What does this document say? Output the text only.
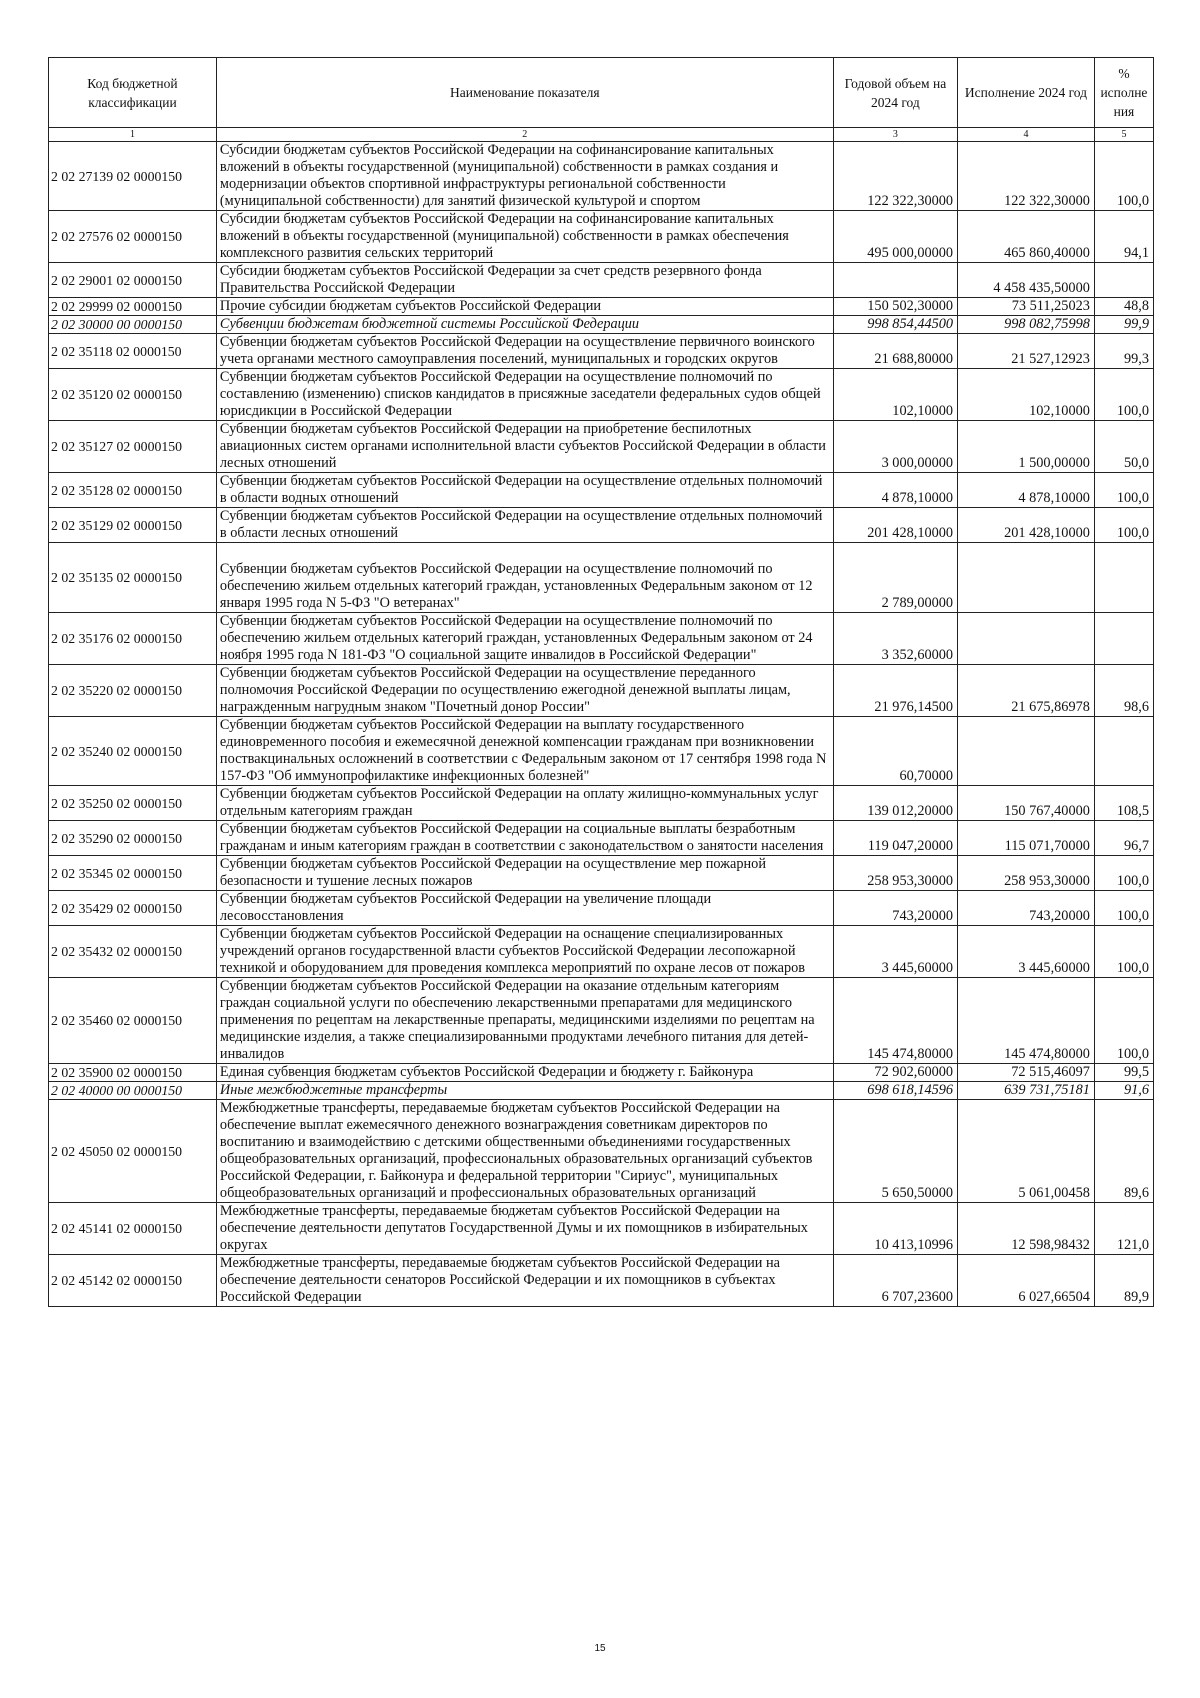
Код бюджетной классификации	Наименование показателя	Годовой объем на 2024 год	Исполнение 2024 год	% исполне ния
1	2	3	4	5
2 02 27139 02 0000150	Субсидии бюджетам субъектов Российской Федерации на софинансирование капитальных вложений в объекты государственной (муниципальной) собственности в рамках создания и модернизации объектов спортивной инфраструктуры региональной собственности (муниципальной собственности) для занятий физической культурой и спортом	122 322,30000	122 322,30000	100,0
2 02 27576 02 0000150	Субсидии бюджетам субъектов Российской Федерации на софинансирование капитальных вложений в объекты государственной (муниципальной) собственности в рамках обеспечения комплексного развития сельских территорий	495 000,00000	465 860,40000	94,1
2 02 29001 02 0000150	Субсидии бюджетам субъектов Российской Федерации за счет средств резервного фонда Правительства Российской Федерации		4 458 435,50000	
2 02 29999 02 0000150	Прочие субсидии бюджетам субъектов Российской Федерации	150 502,30000	73 511,25023	48,8
2 02 30000 00 0000150	Субвенции бюджетам бюджетной системы Российской Федерации	998 854,44500	998 082,75998	99,9
2 02 35118 02 0000150	Субвенции бюджетам субъектов Российской Федерации на осуществление первичного воинского учета органами местного самоуправления поселений, муниципальных и городских округов	21 688,80000	21 527,12923	99,3
2 02 35120 02 0000150	Субвенции бюджетам субъектов Российской Федерации на осуществление полномочий по составлению (изменению) списков кандидатов в присяжные заседатели федеральных судов общей юрисдикции в Российской Федерации	102,10000	102,10000	100,0
2 02 35127 02 0000150	Субвенции бюджетам субъектов Российской Федерации на приобретение беспилотных авиационных систем органами исполнительной власти субъектов Российской Федерации в области лесных отношений	3 000,00000	1 500,00000	50,0
2 02 35128 02 0000150	Субвенции бюджетам субъектов Российской Федерации на осуществление отдельных полномочий в области водных отношений	4 878,10000	4 878,10000	100,0
2 02 35129 02 0000150	Субвенции бюджетам субъектов Российской Федерации на осуществление отдельных полномочий в области лесных отношений	201 428,10000	201 428,10000	100,0
2 02 35135 02 0000150	Субвенции бюджетам субъектов Российской Федерации на осуществление полномочий по обеспечению жильем отдельных категорий граждан, установленных Федеральным законом от 12 января 1995 года N 5-ФЗ "О ветеранах"	2 789,00000		
2 02 35176 02 0000150	Субвенции бюджетам субъектов Российской Федерации на осуществление полномочий по обеспечению жильем отдельных категорий граждан, установленных Федеральным законом от 24 ноября 1995 года N 181-ФЗ "О социальной защите инвалидов в Российской Федерации"	3 352,60000		
2 02 35220 02 0000150	Субвенции бюджетам субъектов Российской Федерации на осуществление переданного полномочия Российской Федерации по осуществлению ежегодной денежной выплаты лицам, награжденным нагрудным знаком "Почетный донор России"	21 976,14500	21 675,86978	98,6
2 02 35240 02 0000150	Субвенции бюджетам субъектов Российской Федерации на выплату государственного единовременного пособия и ежемесячной денежной компенсации гражданам при возникновении поствакцинальных осложнений в соответствии с Федеральным законом от 17 сентября 1998 года N 157-ФЗ "Об иммунопрофилактике инфекционных болезней"	60,70000		
2 02 35250 02 0000150	Субвенции бюджетам субъектов Российской Федерации на оплату жилищно-коммунальных услуг отдельным категориям граждан	139 012,20000	150 767,40000	108,5
2 02 35290 02 0000150	Субвенции бюджетам субъектов Российской Федерации на социальные выплаты безработным гражданам и иным категориям граждан в соответствии с законодательством о занятости населения	119 047,20000	115 071,70000	96,7
2 02 35345 02 0000150	Субвенции бюджетам субъектов Российской Федерации на осуществление мер пожарной безопасности и тушение лесных пожаров	258 953,30000	258 953,30000	100,0
2 02 35429 02 0000150	Субвенции бюджетам субъектов Российской Федерации на увеличение площади лесовосстановления	743,20000	743,20000	100,0
2 02 35432 02 0000150	Субвенции бюджетам субъектов Российской Федерации на оснащение специализированных учреждений органов государственной власти субъектов Российской Федерации лесопожарной техникой и оборудованием для проведения комплекса мероприятий по охране лесов от пожаров	3 445,60000	3 445,60000	100,0
2 02 35460 02 0000150	Субвенции бюджетам субъектов Российской Федерации на оказание отдельным категориям граждан социальной услуги по обеспечению лекарственными препаратами для медицинского применения по рецептам на лекарственные препараты, медицинскими изделиями по рецептам на медицинские изделия, а также специализированными продуктами лечебного питания для детей-инвалидов	145 474,80000	145 474,80000	100,0
2 02 35900 02 0000150	Единая субвенция бюджетам субъектов Российской Федерации и бюджету г. Байконура	72 902,60000	72 515,46097	99,5
2 02 40000 00 0000150	Иные межбюджетные трансферты	698 618,14596	639 731,75181	91,6
2 02 45050 02 0000150	Межбюджетные трансферты, передаваемые бюджетам субъектов Российской Федерации на обеспечение выплат ежемесячного денежного вознаграждения советникам директоров по воспитанию и взаимодействию с детскими общественными объединениями государственных общеобразовательных организаций, профессиональных образовательных организаций субъектов Российской Федерации, г. Байконура и федеральной территории "Сириус", муниципальных общеобразовательных организаций и профессиональных образовательных организаций	5 650,50000	5 061,00458	89,6
2 02 45141 02 0000150	Межбюджетные трансферты, передаваемые бюджетам субъектов Российской Федерации на обеспечение деятельности депутатов Государственной Думы и их помощников в избирательных округах	10 413,10996	12 598,98432	121,0
2 02 45142 02 0000150	Межбюджетные трансферты, передаваемые бюджетам субъектов Российской Федерации на обеспечение деятельности сенаторов Российской Федерации и их помощников в субъектах Российской Федерации	6 707,23600	6 027,66504	89,9
15
